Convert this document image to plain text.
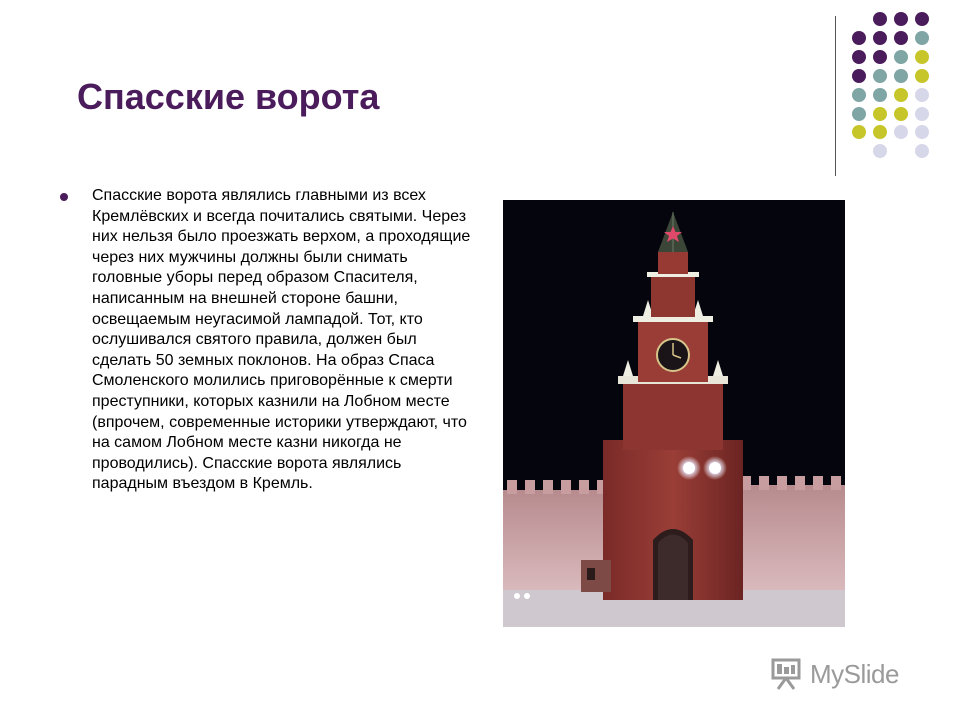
Спасские ворота

Спасские ворота являлись главными из всех Кремлёвских и всегда почитались святыми. Через них нельзя было проезжать верхом, а проходящие через них мужчины должны были снимать головные уборы перед образом Спасителя, написанным на внешней стороне башни, освещаемым неугасимой лампадой. Тот, кто ослушивался святого правила, должен был сделать 50 земных поклонов. На образ Спаса Смоленского молились приговорённые к смерти преступники, которых казнили на Лобном месте (впрочем, современные историки утверждают, что на самом Лобном месте казни никогда не проводились). Спасские ворота являлись парадным въездом в Кремль.

MySlide
